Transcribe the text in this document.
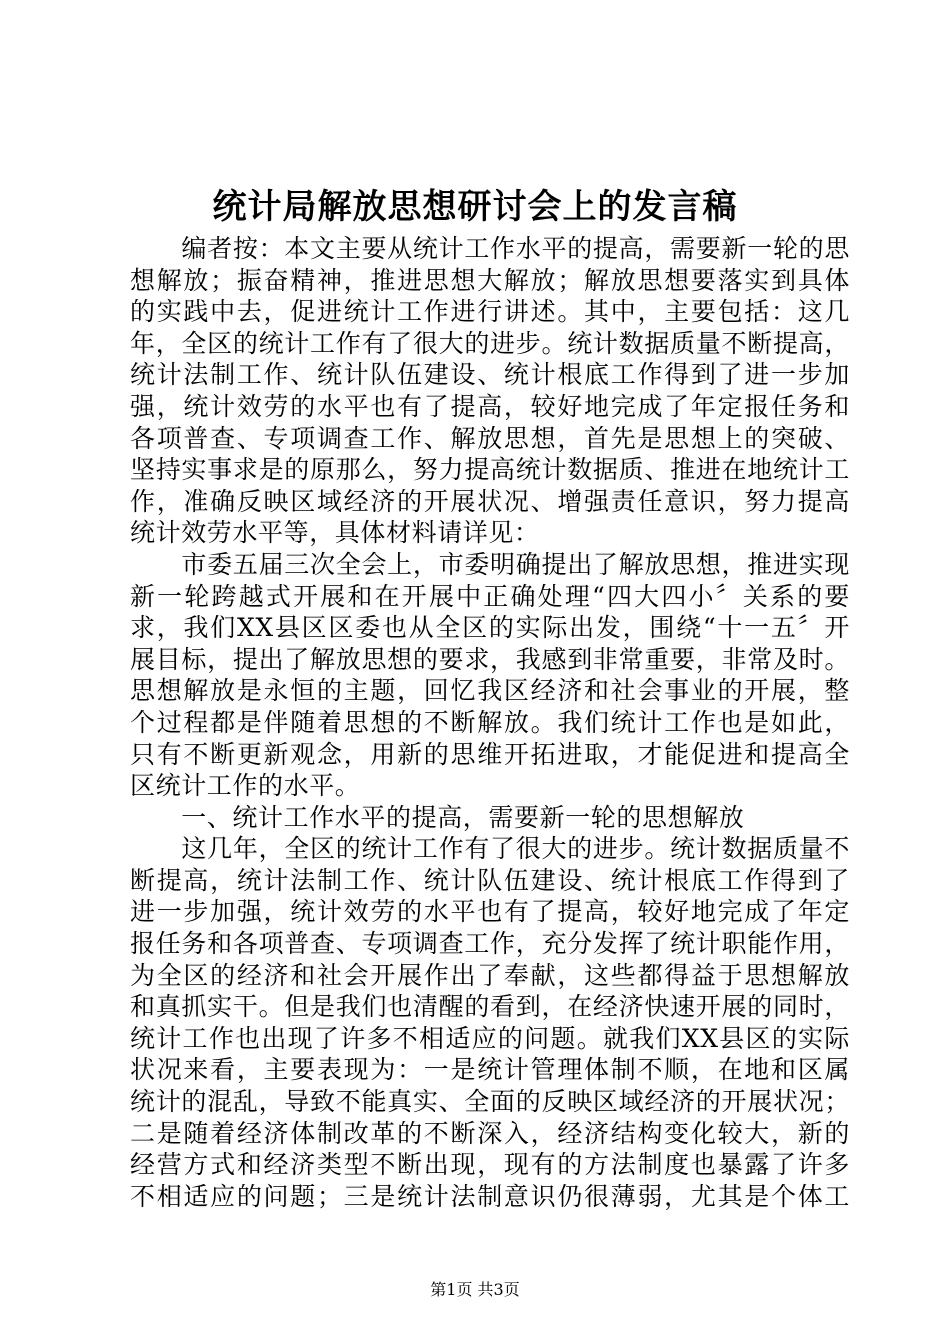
统计局解放思想研讨会上的发言稿
　　编者按：本文主要从统计工作水平的提高，需要新一轮的思
想解放；振奋精神，推进思想大解放；解放思想要落实到具体
的实践中去，促进统计工作进行讲述。其中，主要包括：这几
年，全区的统计工作有了很大的进步。统计数据质量不断提高，
统计法制工作、统计队伍建设、统计根底工作得到了进一步加
强，统计效劳的水平也有了提高，较好地完成了年定报任务和
各项普查、专项调查工作、解放思想，首先是思想上的突破、
坚持实事求是的原那么，努力提高统计数据质、推进在地统计工
作，准确反映区域经济的开展状况、增强责任意识，努力提高
统计效劳水平等，具体材料请详见：
　　市委五届三次全会上，市委明确提出了解放思想，推进实现
新一轮跨越式开展和在开展中正确处理“四大四小〞关系的要
求，我们XX县区区委也从全区的实际出发，围绕“十一五〞开
展目标，提出了解放思想的要求，我感到非常重要，非常及时。
思想解放是永恒的主题，回忆我区经济和社会事业的开展，整
个过程都是伴随着思想的不断解放。我们统计工作也是如此，
只有不断更新观念，用新的思维开拓进取，才能促进和提高全
区统计工作的水平。
　　一、统计工作水平的提高，需要新一轮的思想解放
　　这几年，全区的统计工作有了很大的进步。统计数据质量不
断提高，统计法制工作、统计队伍建设、统计根底工作得到了
进一步加强，统计效劳的水平也有了提高，较好地完成了年定
报任务和各项普查、专项调查工作，充分发挥了统计职能作用，
为全区的经济和社会开展作出了奉献，这些都得益于思想解放
和真抓实干。但是我们也清醒的看到，在经济快速开展的同时，
统计工作也出现了许多不相适应的问题。就我们XX县区的实际
状况来看，主要表现为：一是统计管理体制不顺，在地和区属
统计的混乱，导致不能真实、全面的反映区域经济的开展状况；
二是随着经济体制改革的不断深入，经济结构变化较大，新的
经营方式和经济类型不断出现，现有的方法制度也暴露了许多
不相适应的问题；三是统计法制意识仍很薄弱，尤其是个体工
第1页 共3页
